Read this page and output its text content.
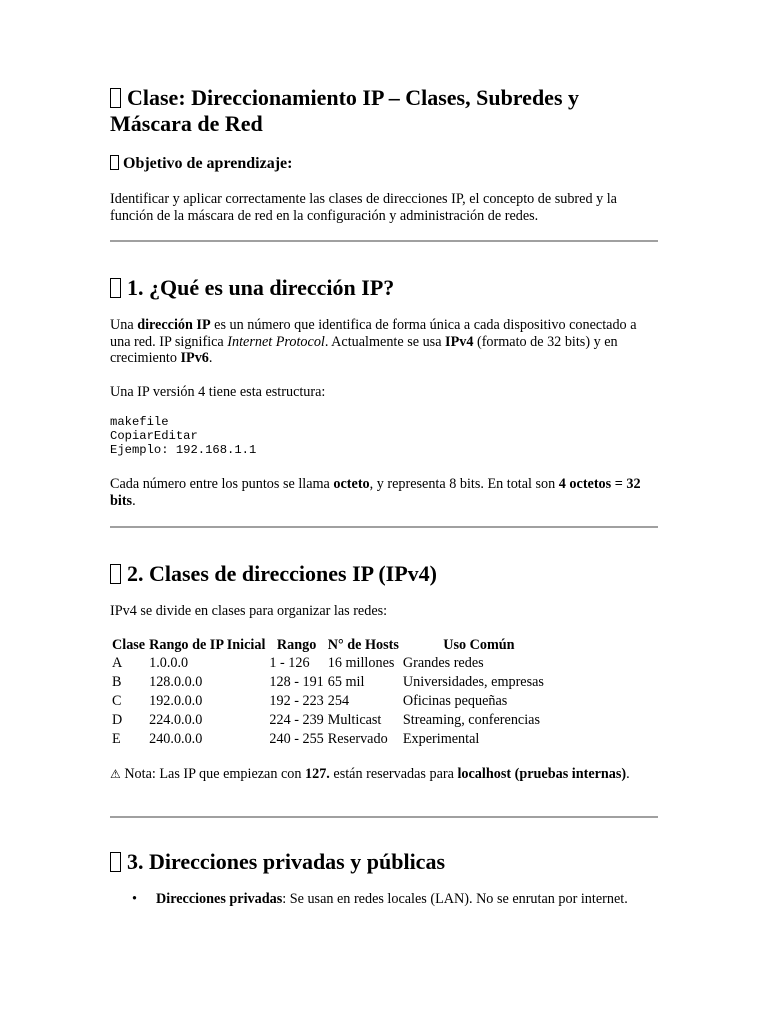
Clase: Direccionamiento IP – Clases, Subredes y Máscara de Red
Objetivo de aprendizaje:

Identificar y aplicar correctamente las clases de direcciones IP, el concepto de subred y la función de la máscara de red en la configuración y administración de redes.

1. ¿Qué es una dirección IP?

Una dirección IP es un número que identifica de forma única a cada dispositivo conectado a una red. IP significa Internet Protocol. Actualmente se usa IPv4 (formato de 32 bits) y en crecimiento IPv6.

Una IP versión 4 tiene esta estructura:

makefile
CopiarEditar
Ejemplo: 192.168.1.1

Cada número entre los puntos se llama octeto, y representa 8 bits. En total son 4 octetos = 32 bits.

2. Clases de direcciones IP (IPv4)

IPv4 se divide en clases para organizar las redes:

Clase	Rango de IP Inicial	Rango	N° de Hosts	Uso Común
A	1.0.0.0	1 - 126	16 millones	Grandes redes
B	128.0.0.0	128 - 191	65 mil	Universidades, empresas
C	192.0.0.0	192 - 223	254	Oficinas pequeñas
D	224.0.0.0	224 - 239	Multicast	Streaming, conferencias
E	240.0.0.0	240 - 255	Reservado	Experimental

⚠ Nota: Las IP que empiezan con 127. están reservadas para localhost (pruebas internas).

3. Direcciones privadas y públicas
• Direcciones privadas: Se usan en redes locales (LAN). No se enrutan por internet.
